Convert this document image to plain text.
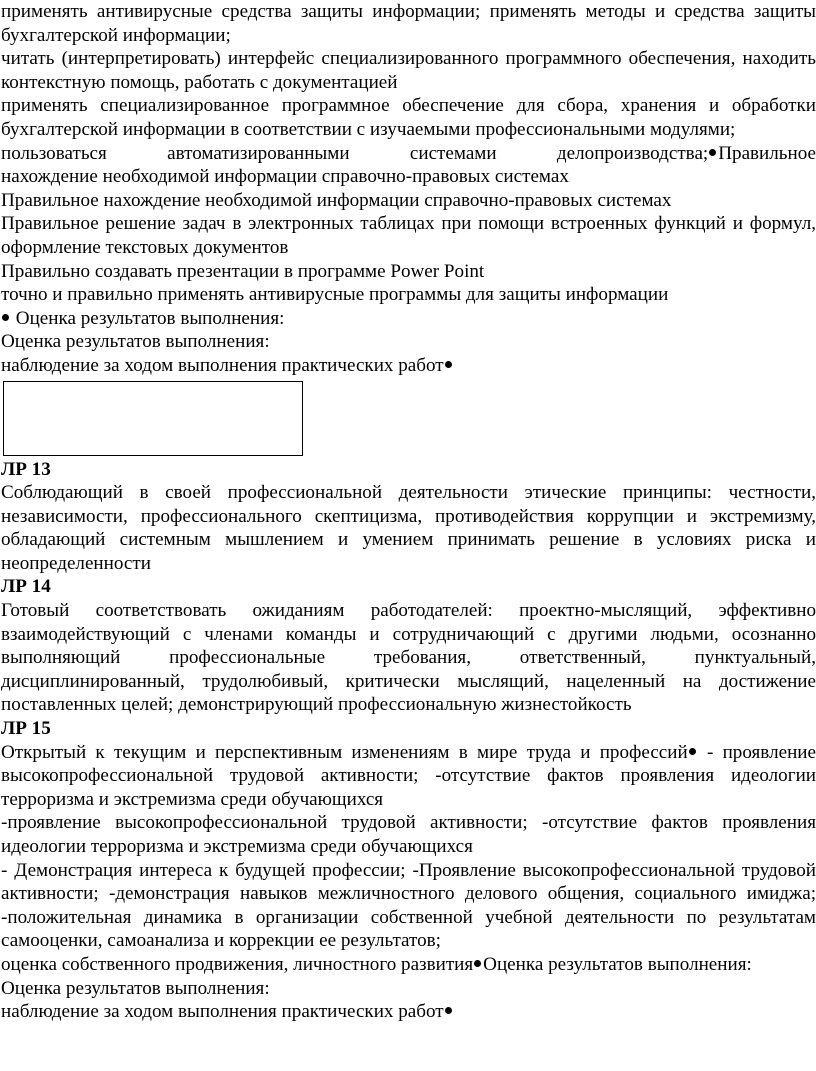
применять антивирусные средства защиты информации; применять методы и средства защиты бухгалтерской информации;

читать (интерпретировать) интерфейс специализированного программного обеспечения, находить контекстную помощь, работать с документацией

применять специализированное программное обеспечение для сбора, хранения и обработки бухгалтерской информации в соответствии с изучаемыми профессиональными модулями;

пользоваться автоматизированными системами делопроизводства; Правильное

нахождение необходимой информации справочно-правовых системах

Правильное нахождение необходимой информации справочно-правовых системах

Правильное решение задач в электронных таблицах при помощи встроенных функций и формул, оформление текстовых документов

Правильно создавать презентации в программе Power Point

точно и правильно применять антивирусные программы для защиты информации

Оценка результатов выполнения:

Оценка результатов выполнения:

наблюдение за ходом выполнения практических работ

ЛР 13

Соблюдающий в своей профессиональной деятельности этические принципы: честности, независимости, профессионального скептицизма, противодействия коррупции и экстремизму, обладающий системным мышлением и умением принимать решение в условиях риска и неопределенности

ЛР 14

Готовый соответствовать ожиданиям работодателей: проектно-мыслящий, эффективно взаимодействующий с членами команды и сотрудничающий с другими людьми, осознанно выполняющий профессиональные требования, ответственный, пунктуальный, дисциплинированный, трудолюбивый, критически мыслящий, нацеленный на достижение поставленных целей; демонстрирующий профессиональную жизнестойкость

ЛР 15

Открытый к текущим и перспективным изменениям в мире труда и профессий - проявление высокопрофессиональной трудовой активности; -отсутствие фактов проявления идеологии терроризма и экстремизма среди обучающихся

-проявление высокопрофессиональной трудовой активности; -отсутствие фактов проявления идеологии терроризма и экстремизма среди обучающихся

- Демонстрация интереса к будущей профессии; -Проявление высокопрофессиональной трудовой активности; -демонстрация навыков межличностного делового общения, социального имиджа; -положительная динамика в организации собственной учебной деятельности по результатам самооценки, самоанализа и коррекции ее результатов;

оценка собственного продвижения, личностного развития Оценка результатов выполнения:

Оценка результатов выполнения:

наблюдение за ходом выполнения практических работ
